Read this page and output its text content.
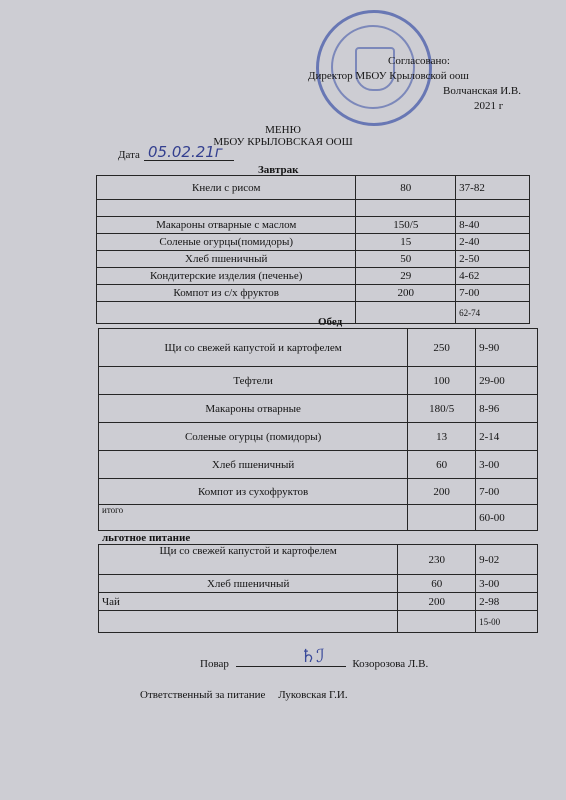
Согласовано:
Директор МБОУ Крыловской оош
Волчанская И.В.
2021 г
МЕНЮ
МБОУ КРЫЛОВСКАЯ ООШ
Дата 05.02.21г
Завтрак
Кнели с рисом	80	37-82

Макароны отварные с маслом	150/5	8-40
Соленые огурцы(помидоры)	15	2-40
Хлеб пшеничный	50	2-50
Кондитерские изделия (печенье)	29	4-62
Компот из с/х фруктов	200	7-00
		62-74
Обед
Щи со свежей капустой и картофелем	250	9-90
Тефтели	100	29-00
Макароны отварные	180/5	8-96
Соленые огурцы (помидоры)	13	2-14
Хлеб пшеничный	60	3-00
Компот из сухофруктов	200	7-00
итого		60-00
льготное питание
Щи со свежей капустой и картофелем	230	9-02
Хлеб пшеничный	60	3-00
Чай	200	2-98
		15-00
Повар	Козорозова Л.В.
♄ℐ
Ответственный за питание Луковская Г.И.
